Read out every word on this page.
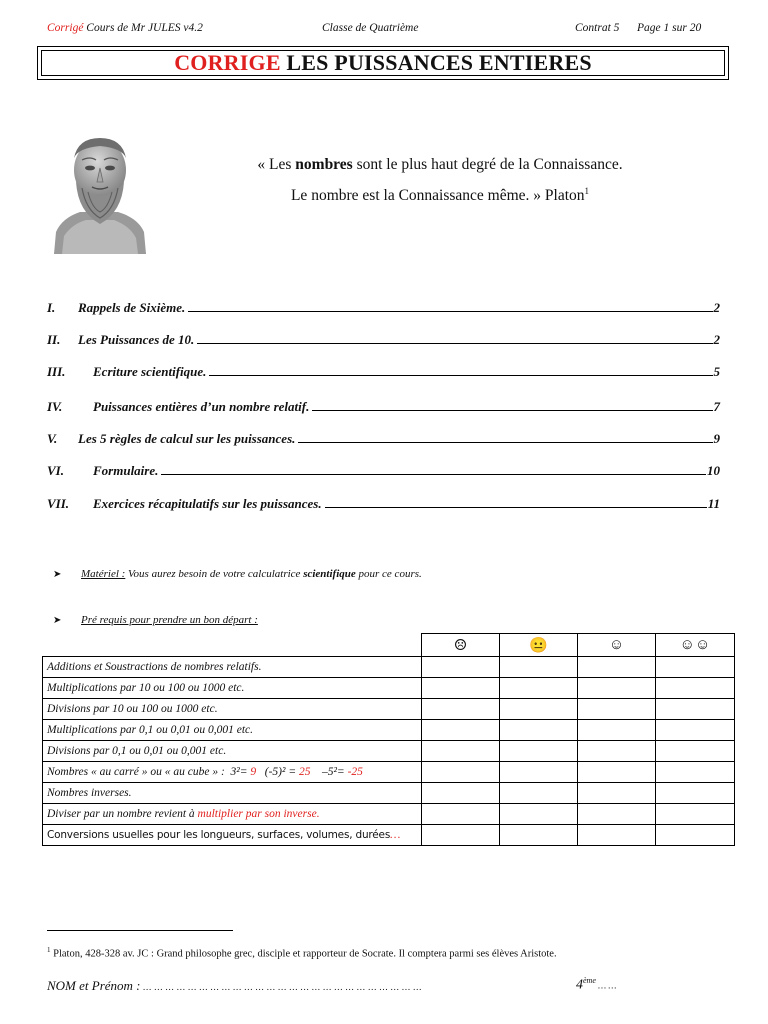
Corrigé Cours de Mr JULES v4.2	Classe de Quatrième	Contrat 5 Page 1 sur 20
CORRIGE LES PUISSANCES ENTIERES
« Les nombres sont le plus haut degré de la Connaissance.
Le nombre est la Connaissance même. » Platon$^1$
I.	Rappels de Sixième.	2
II.	Les Puissances de 10.	2
III.	Ecriture scientifique.	5
IV.	Puissances entières d’un nombre relatif.	7
V.	Les 5 règles de calcul sur les puissances.	9
VI.	Formulaire.	10
VII.	Exercices récapitulatifs sur les puissances.	11
➤ Matériel : Vous aurez besoin de votre calculatrice scientifique pour ce cours.
➤ Pré requis pour prendre un bon départ :
	☹	😐	☺	☺☺
Additions et Soustractions de nombres relatifs.				
Multiplications par 10 ou 100 ou 1000 etc.				
Divisions par 10 ou 100 ou 1000 etc.				
Multiplications par 0,1 ou 0,01 ou 0,001 etc.				
Divisions par 0,1 ou 0,01 ou 0,001 etc.				
Nombres « au carré » ou « au cube » :  3²= 9   (-5)² = 25    –5²= -25				
Nombres inverses.				
Diviser par un nombre revient à multiplier par son inverse.				
Conversions usuelles pour les longueurs, surfaces, volumes, durées…				
$^1$ Platon, 428-328 av. JC : Grand philosophe grec, disciple et rapporteur de Socrate. Il comptera parmi ses élèves Aristote.
NOM et Prénom : … … … … … … … … … … … … … … … … … … … … … … … … …	4ème … …
